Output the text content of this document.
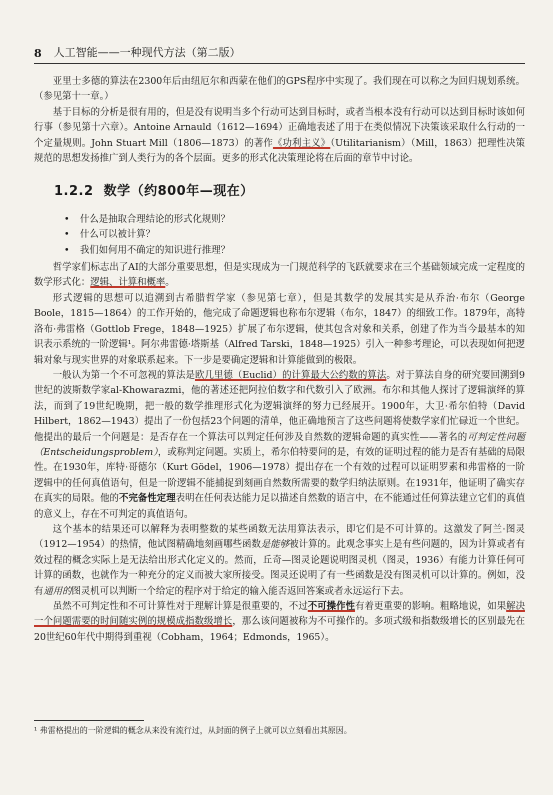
8 人工智能——一种现代方法（第二版）

亚里士多德的算法在2300年后由纽厄尔和西蒙在他们的GPS程序中实现了。我们现在可以称之为回归规划系统。（参见第十一章。）

基于目标的分析是很有用的，但是没有说明当多个行动可达到目标时，或者当根本没有行动可以达到目标时该如何行事（参见第十六章）。Antoine Arnauld（1612—1694）正确地表述了用于在类似情况下决策该采取什么行动的一个定量规则。John Stuart Mill（1806—1873）的著作《功利主义》（Utilitarianism）（Mill，1863）把理性决策规范的思想发扬推广到人类行为的各个层面。更多的形式化决策理论将在后面的章节中讨论。

1.2.2 数学（约800年—现在）
• 什么是抽取合理结论的形式化规则？
• 什么可以被计算？
• 我们如何用不确定的知识进行推理？

哲学家们标志出了AI的大部分重要思想，但是实现成为一门规范科学的飞跃就要求在三个基础领域完成一定程度的数学形式化：逻辑、计算和概率。

形式逻辑的思想可以追溯到古希腊哲学家（参见第七章），但是其数学的发展其实是从乔治·布尔（George Boole，1815—1864）的工作开始的，他完成了命题逻辑也称布尔逻辑（布尔，1847）的细致工作。1879年，高特洛布·弗雷格（Gottlob Frege，1848—1925）扩展了布尔逻辑，使其包含对象和关系，创建了作为当今最基本的知识表示系统的一阶逻辑¹。阿尔弗雷德·塔斯基（Alfred Tarski，1848—1925）引入一种参考理论，可以表现如何把逻辑对象与现实世界的对象联系起来。下一步是要确定逻辑和计算能做到的极限。

一般认为第一个不可忽视的算法是欧几里德（Euclid）的计算最大公约数的算法。对于算法自身的研究要回溯到9世纪的波斯数学家al-Khowarazmi，他的著述还把阿拉伯数字和代数引入了欧洲。布尔和其他人探讨了逻辑演绎的算法，而到了19世纪晚期，把一般的数学推理形式化为逻辑演绎的努力已经展开。1900年，大卫·希尔伯特（David Hilbert，1862—1943）提出了一份包括23个问题的清单，他正确地预言了这些问题将使数学家们忙碌近一个世纪。他提出的最后一个问题是：是否存在一个算法可以判定任何涉及自然数的逻辑命题的真实性——著名的可判定性问题（Entscheidungsproblem），或称判定问题。实质上，希尔伯特要问的是，有效的证明过程的能力是否有基础的局限性。在1930年，库特·哥德尔（Kurt Gödel，1906—1978）提出存在一个有效的过程可以证明罗素和弗雷格的一阶逻辑中的任何真值语句，但是一阶逻辑不能捕捉到刻画自然数所需要的数学归纳法原则。在1931年，他证明了确实存在真实的局限。他的不完备性定理表明在任何表达能力足以描述自然数的语言中，在不能通过任何算法建立它们的真值的意义上，存在不可判定的真值语句。

这个基本的结果还可以解释为表明整数的某些函数无法用算法表示，即它们是不可计算的。这激发了阿兰·图灵（1912—1954）的热情，他试图精确地刻画哪些函数是能够被计算的。此观念事实上是有些问题的，因为计算或者有效过程的概念实际上是无法给出形式化定义的。然而，丘奇—图灵论题说明图灵机（图灵，1936）有能力计算任何可计算的函数，也就作为一种充分的定义而被大家所接受。图灵还说明了有一些函数是没有图灵机可以计算的。例如，没有通用的图灵机可以判断一个给定的程序对于给定的输入能否返回答案或者永远运行下去。

虽然不可判定性和不可计算性对于理解计算是很重要的，不过不可操作性有着更重要的影响。粗略地说，如果解决一个问题需要的时间随实例的规模成指数级增长，那么该问题被称为不可操作的。多项式级和指数级增长的区别最先在20世纪60年代中期得到重视（Cobham，1964；Edmonds，1965）。

¹ 弗雷格提出的一阶逻辑的概念从来没有流行过，从封面的例子上就可以立刻看出其原因。
